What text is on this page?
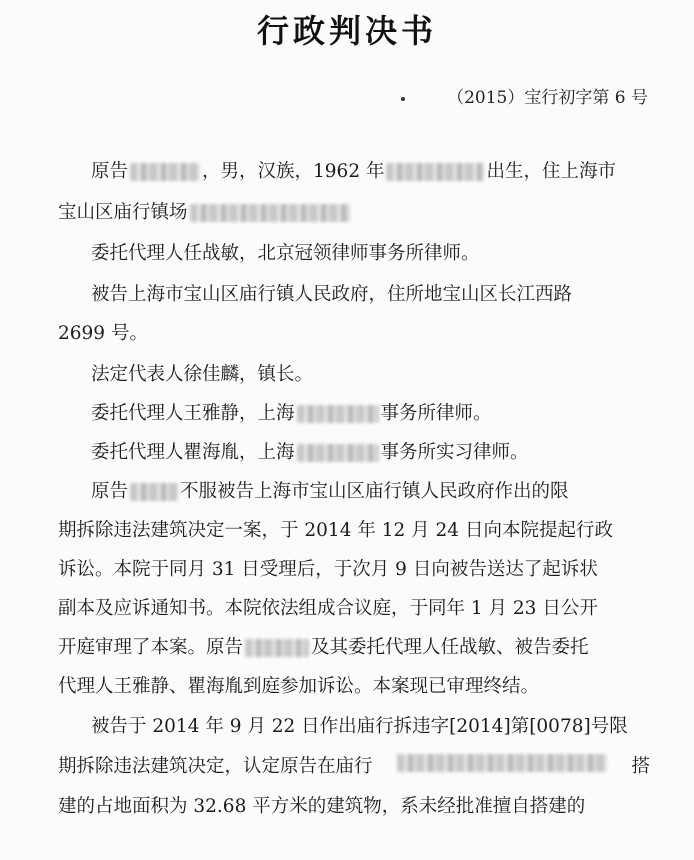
行政判决书
（2015）宝行初字第 6 号
原告	，男，汉族，1962 年	出生，住上海市
宝山区庙行镇场
委托代理人任战敏，北京冠领律师事务所律师。
被告上海市宝山区庙行镇人民政府，住所地宝山区长江西路
2699 号。
法定代表人徐佳麟，镇长。
委托代理人王雅静，上海	事务所律师。
委托代理人瞿海胤，上海	事务所实习律师。
原告	不服被告上海市宝山区庙行镇人民政府作出的限
期拆除违法建筑决定一案，于 2014 年 12 月 24 日向本院提起行政
诉讼。本院于同月 31 日受理后，于次月 9 日向被告送达了起诉状
副本及应诉通知书。本院依法组成合议庭，于同年 1 月 23 日公开
开庭审理了本案。原告	及其委托代理人任战敏、被告委托
代理人王雅静、瞿海胤到庭参加诉讼。本案现已审理终结。
被告于 2014 年 9 月 22 日作出庙行拆违字[2014]第[0078]号限
期拆除违法建筑决定，认定原告在庙行	搭
建的占地面积为 32.68 平方米的建筑物，系未经批准擅自搭建的
